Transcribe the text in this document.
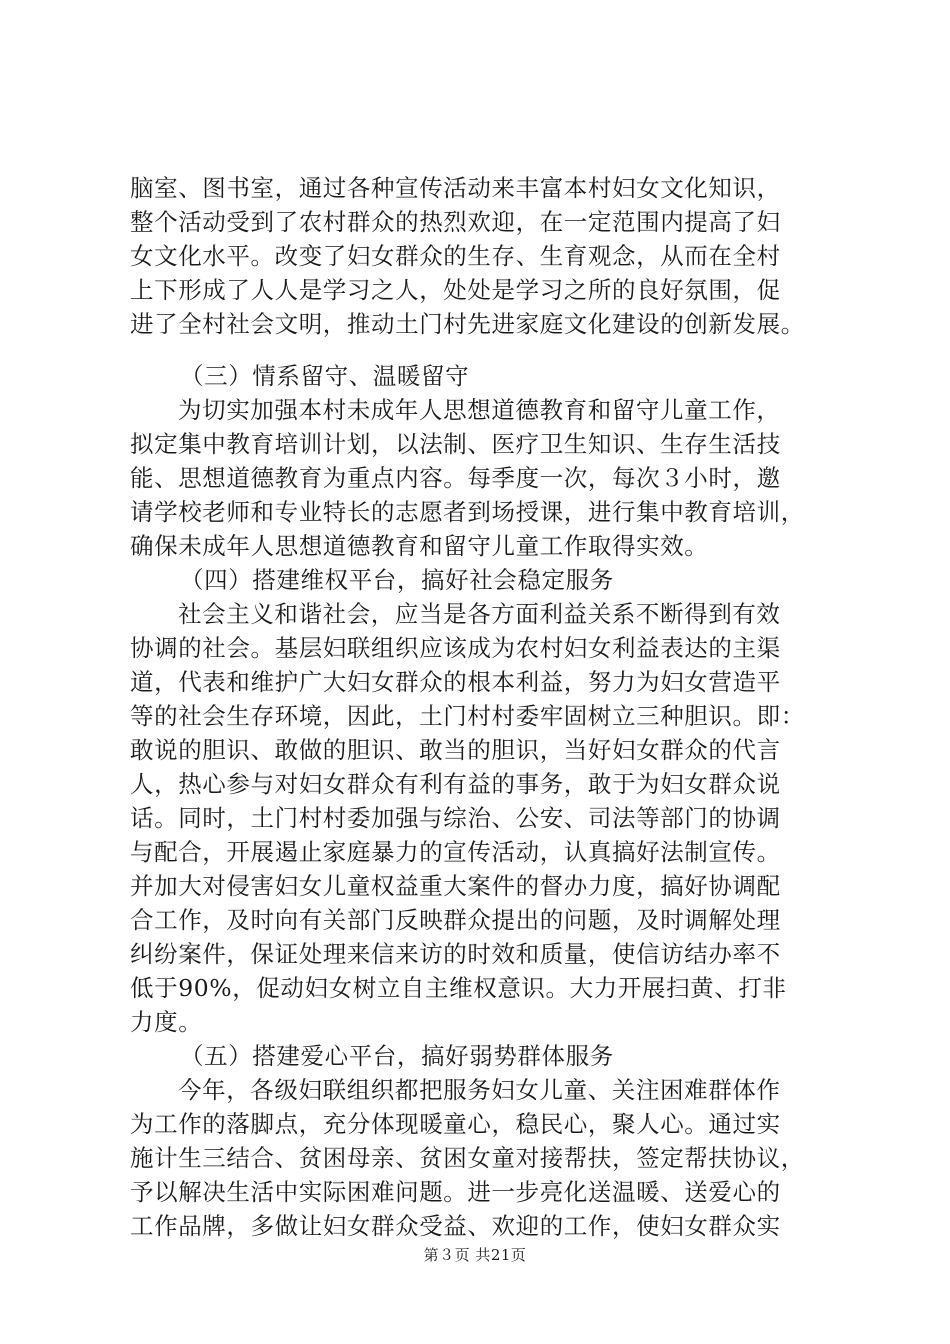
脑室、图书室，通过各种宣传活动来丰富本村妇女文化知识，
整个活动受到了农村群众的热烈欢迎，在一定范围内提高了妇
女文化水平。改变了妇女群众的生存、生育观念，从而在全村
上下形成了人人是学习之人，处处是学习之所的良好氛围，促
进了全村社会文明，推动土门村先进家庭文化建设的创新发展。
（三）情系留守、温暖留守
为切实加强本村未成年人思想道德教育和留守儿童工作，
拟定集中教育培训计划，以法制、医疗卫生知识、生存生活技
能、思想道德教育为重点内容。每季度一次，每次３小时，邀
请学校老师和专业特长的志愿者到场授课，进行集中教育培训，
确保未成年人思想道德教育和留守儿童工作取得实效。
（四）搭建维权平台，搞好社会稳定服务
社会主义和谐社会，应当是各方面利益关系不断得到有效
协调的社会。基层妇联组织应该成为农村妇女利益表达的主渠
道，代表和维护广大妇女群众的根本利益，努力为妇女营造平
等的社会生存环境，因此，土门村村委牢固树立三种胆识。即：
敢说的胆识、敢做的胆识、敢当的胆识，当好妇女群众的代言
人，热心参与对妇女群众有利有益的事务，敢于为妇女群众说
话。同时，土门村村委加强与综治、公安、司法等部门的协调
与配合，开展遏止家庭暴力的宣传活动，认真搞好法制宣传。
并加大对侵害妇女儿童权益重大案件的督办力度，搞好协调配
合工作，及时向有关部门反映群众提出的问题，及时调解处理
纠纷案件，保证处理来信来访的时效和质量，使信访结办率不
低于90%，促动妇女树立自主维权意识。大力开展扫黄、打非
力度。
（五）搭建爱心平台，搞好弱势群体服务
今年，各级妇联组织都把服务妇女儿童、关注困难群体作
为工作的落脚点，充分体现暖童心，稳民心，聚人心。通过实
施计生三结合、贫困母亲、贫困女童对接帮扶，签定帮扶协议，
予以解决生活中实际困难问题。进一步亮化送温暖、送爱心的
工作品牌，多做让妇女群众受益、欢迎的工作，使妇女群众实
第３页 共21页
